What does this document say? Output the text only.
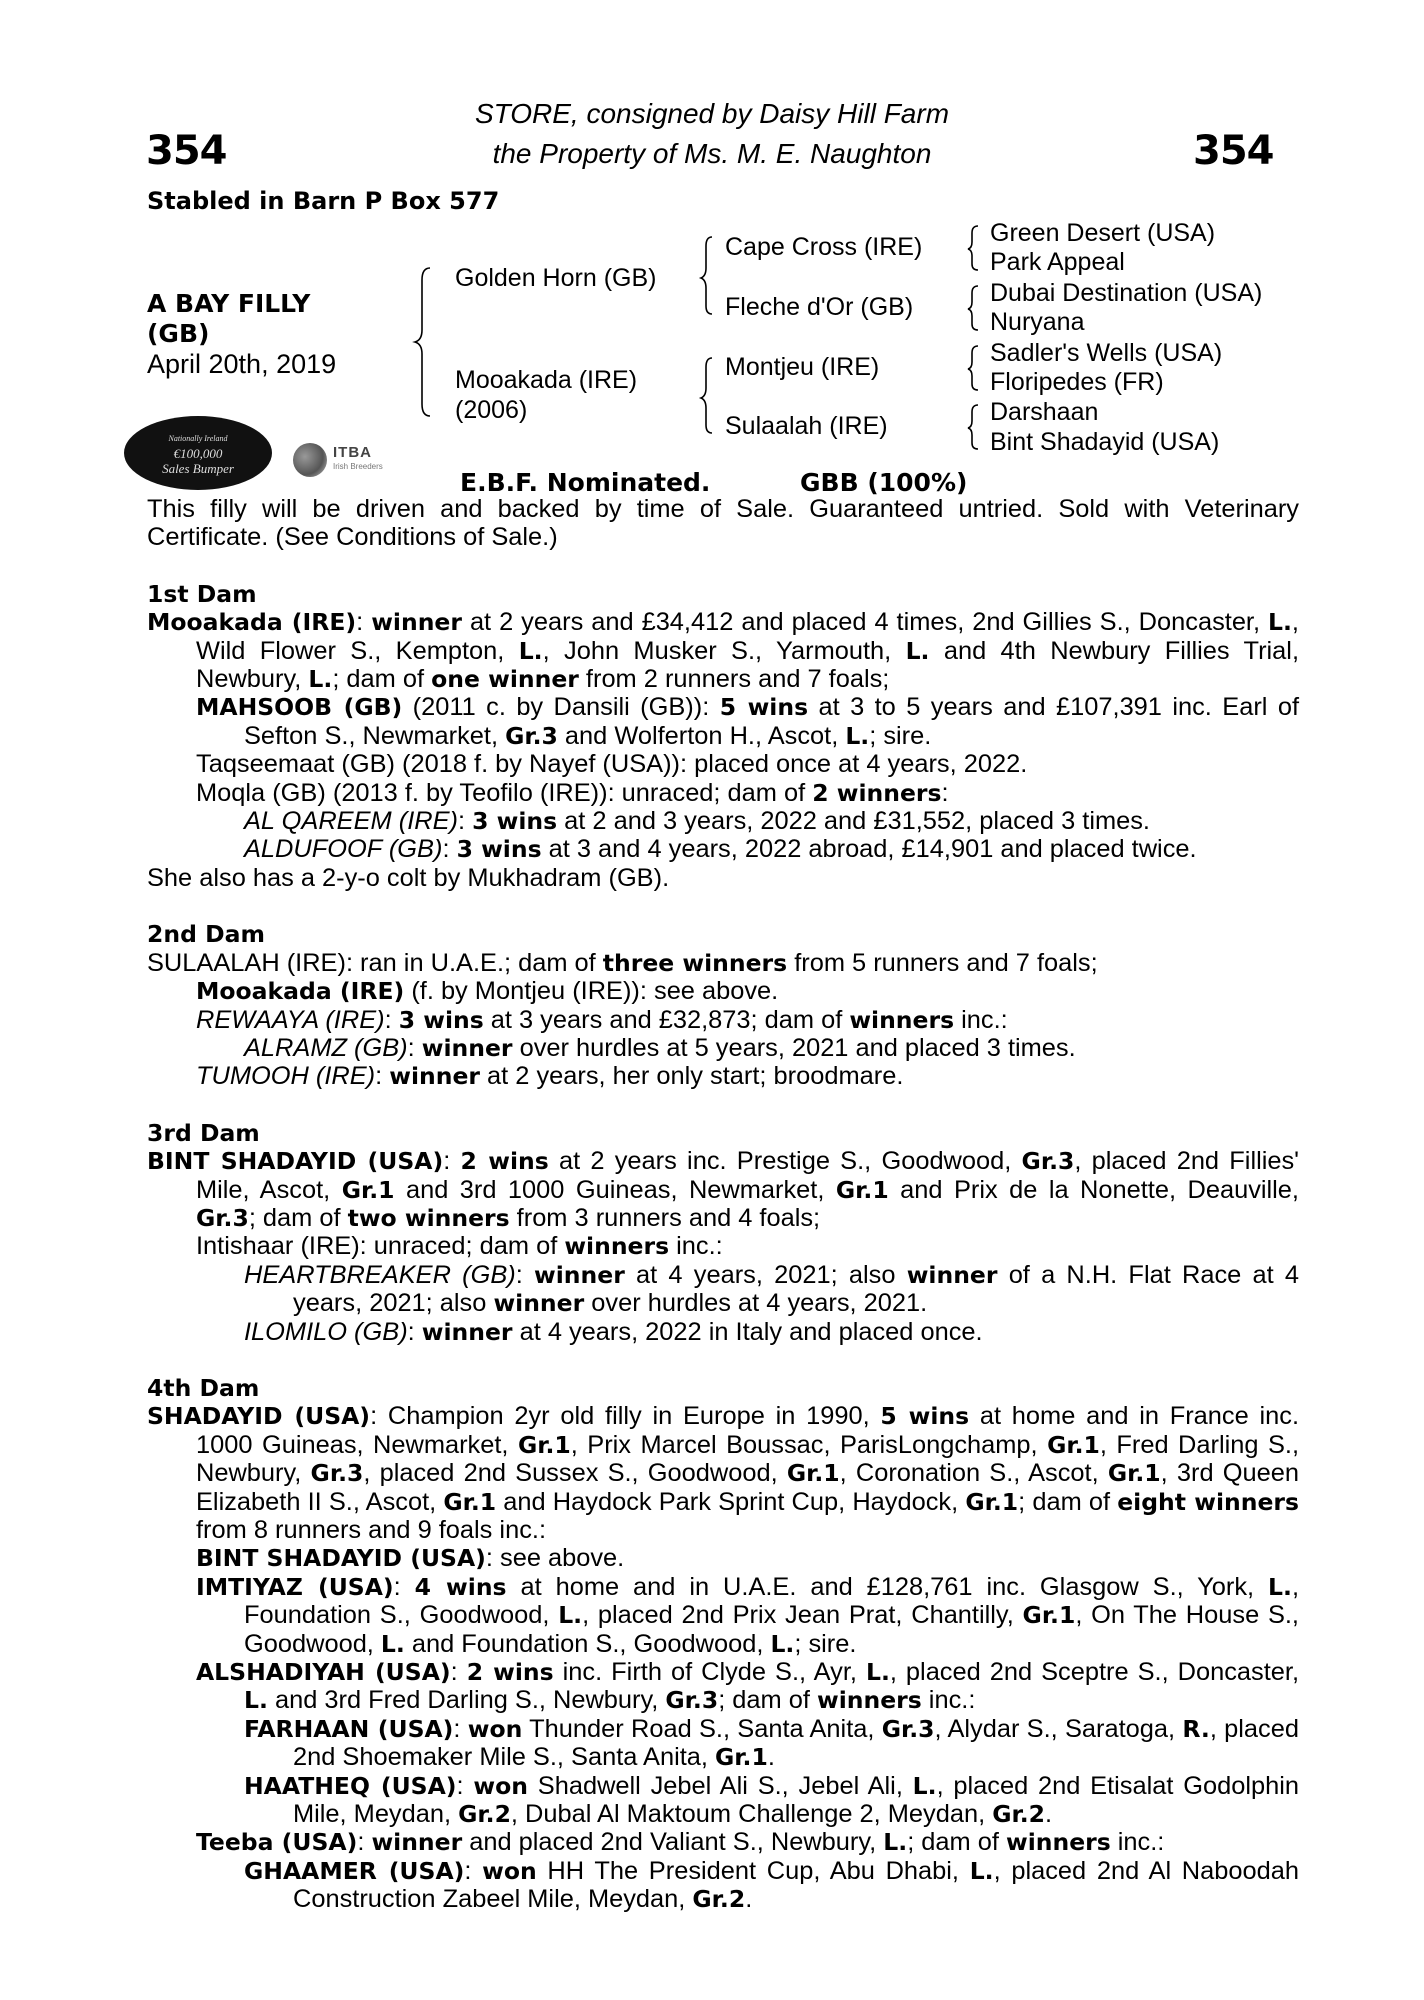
STORE, consigned by Daisy Hill Farm
the Property of Ms. M. E. Naughton
354	354
Stabled in Barn P Box 577
A BAY FILLY
(GB)
April 20th, 2019
Golden Horn (GB)
Mooakada (IRE)
(2006)
Cape Cross (IRE)
Fleche d'Or (GB)
Montjeu (IRE)
Sulaalah (IRE)
Green Desert (USA)
Park Appeal
Dubai Destination (USA)
Nuryana
Sadler's Wells (USA)
Floripedes (FR)
Darshaan
Bint Shadayid (USA)
Nationally Ireland
€100,000
Sales Bumper
ITBA
Irish Breeders
E.B.F. Nominated.	GBB (100%)

This filly will be driven and backed by time of Sale. Guaranteed untried. Sold with Veterinary Certificate. (See Conditions of Sale.)

1st Dam

Mooakada (IRE): winner at 2 years and £34,412 and placed 4 times, 2nd Gillies S., Doncaster, L., Wild Flower S., Kempton, L., John Musker S., Yarmouth, L. and 4th Newbury Fillies Trial, Newbury, L.; dam of one winner from 2 runners and 7 foals;

MAHSOOB (GB) (2011 c. by Dansili (GB)): 5 wins at 3 to 5 years and £107,391 inc. Earl of Sefton S., Newmarket, Gr.3 and Wolferton H., Ascot, L.; sire.

Taqseemaat (GB) (2018 f. by Nayef (USA)): placed once at 4 years, 2022.

Moqla (GB) (2013 f. by Teofilo (IRE)): unraced; dam of 2 winners:

AL QAREEM (IRE): 3 wins at 2 and 3 years, 2022 and £31,552, placed 3 times.

ALDUFOOF (GB): 3 wins at 3 and 4 years, 2022 abroad, £14,901 and placed twice.

She also has a 2-y-o colt by Mukhadram (GB).

2nd Dam

SULAALAH (IRE): ran in U.A.E.; dam of three winners from 5 runners and 7 foals;

Mooakada (IRE) (f. by Montjeu (IRE)): see above.

REWAAYA (IRE): 3 wins at 3 years and £32,873; dam of winners inc.:

ALRAMZ (GB): winner over hurdles at 5 years, 2021 and placed 3 times.

TUMOOH (IRE): winner at 2 years, her only start; broodmare.

3rd Dam

BINT SHADAYID (USA): 2 wins at 2 years inc. Prestige S., Goodwood, Gr.3, placed 2nd Fillies' Mile, Ascot, Gr.1 and 3rd 1000 Guineas, Newmarket, Gr.1 and Prix de la Nonette, Deauville, Gr.3; dam of two winners from 3 runners and 4 foals;

Intishaar (IRE): unraced; dam of winners inc.:

HEARTBREAKER (GB): winner at 4 years, 2021; also winner of a N.H. Flat Race at 4 years, 2021; also winner over hurdles at 4 years, 2021.

ILOMILO (GB): winner at 4 years, 2022 in Italy and placed once.

4th Dam

SHADAYID (USA): Champion 2yr old filly in Europe in 1990, 5 wins at home and in France inc. 1000 Guineas, Newmarket, Gr.1, Prix Marcel Boussac, ParisLongchamp, Gr.1, Fred Darling S., Newbury, Gr.3, placed 2nd Sussex S., Goodwood, Gr.1, Coronation S., Ascot, Gr.1, 3rd Queen Elizabeth II S., Ascot, Gr.1 and Haydock Park Sprint Cup, Haydock, Gr.1; dam of eight winners from 8 runners and 9 foals inc.:

BINT SHADAYID (USA): see above.

IMTIYAZ (USA): 4 wins at home and in U.A.E. and £128,761 inc. Glasgow S., York, L., Foundation S., Goodwood, L., placed 2nd Prix Jean Prat, Chantilly, Gr.1, On The House S., Goodwood, L. and Foundation S., Goodwood, L.; sire.

ALSHADIYAH (USA): 2 wins inc. Firth of Clyde S., Ayr, L., placed 2nd Sceptre S., Doncaster, L. and 3rd Fred Darling S., Newbury, Gr.3; dam of winners inc.:

FARHAAN (USA): won Thunder Road S., Santa Anita, Gr.3, Alydar S., Saratoga, R., placed 2nd Shoemaker Mile S., Santa Anita, Gr.1.

HAATHEQ (USA): won Shadwell Jebel Ali S., Jebel Ali, L., placed 2nd Etisalat Godolphin Mile, Meydan, Gr.2, Dubal Al Maktoum Challenge 2, Meydan, Gr.2.

Teeba (USA): winner and placed 2nd Valiant S., Newbury, L.; dam of winners inc.:

GHAAMER (USA): won HH The President Cup, Abu Dhabi, L., placed 2nd Al Naboodah Construction Zabeel Mile, Meydan, Gr.2.
